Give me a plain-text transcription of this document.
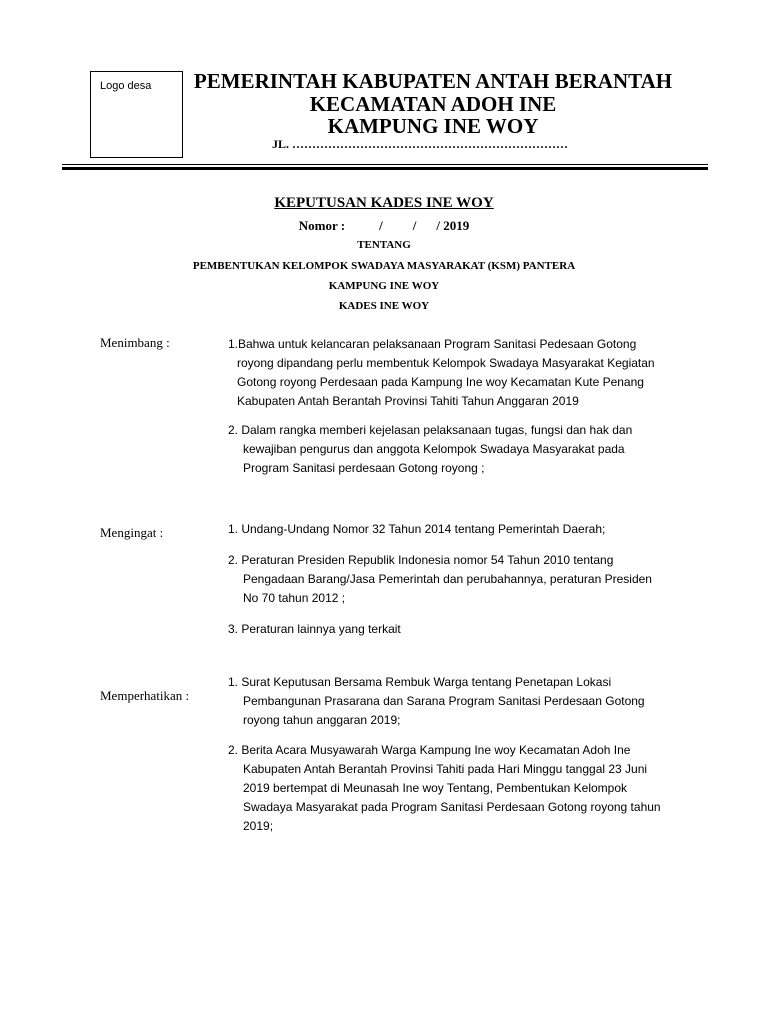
Logo desa PEMERINTAH KABUPATEN ANTAH BERANTAH
KECAMATAN ADOH INE
KAMPUNG INE WOY
JL. ……………………………………………………………
KEPUTUSAN KADES INE WOY
Nomor :	/ / / 2019
TENTANG
PEMBENTUKAN KELOMPOK SWADAYA MASYARAKAT (KSM) PANTERA
KAMPUNG INE WOY
KADES INE WOY
Menimbang :	1.Bahwa untuk kelancaran pelaksanaan Program Sanitasi Pedesaan Gotong
royong dipandang perlu membentuk Kelompok Swadaya Masyarakat Kegiatan
Gotong royong Perdesaan pada Kampung Ine woy Kecamatan Kute Penang
Kabupaten Antah Berantah Provinsi Tahiti Tahun Anggaran 2019
2. Dalam rangka memberi kejelasan pelaksanaan tugas, fungsi dan hak dan
kewajiban pengurus dan anggota Kelompok Swadaya Masyarakat pada
Program Sanitasi perdesaan Gotong royong ;
Mengingat :	1. Undang-Undang Nomor 32 Tahun 2014 tentang Pemerintah Daerah;
2. Peraturan Presiden Republik Indonesia nomor 54 Tahun 2010 tentang
Pengadaan Barang/Jasa Pemerintah dan perubahannya, peraturan Presiden
No 70 tahun 2012 ;
3. Peraturan lainnya yang terkait
Memperhatikan :
1. Surat Keputusan Bersama Rembuk Warga tentang Penetapan Lokasi
Pembangunan Prasarana dan Sarana Program Sanitasi Perdesaan Gotong
royong tahun anggaran 2019;
2. Berita Acara Musyawarah Warga Kampung Ine woy Kecamatan Adoh Ine
Kabupaten Antah Berantah Provinsi Tahiti pada Hari Minggu tanggal 23 Juni
2019 bertempat di Meunasah Ine woy Tentang, Pembentukan Kelompok
Swadaya Masyarakat pada Program Sanitasi Perdesaan Gotong royong tahun
2019;
